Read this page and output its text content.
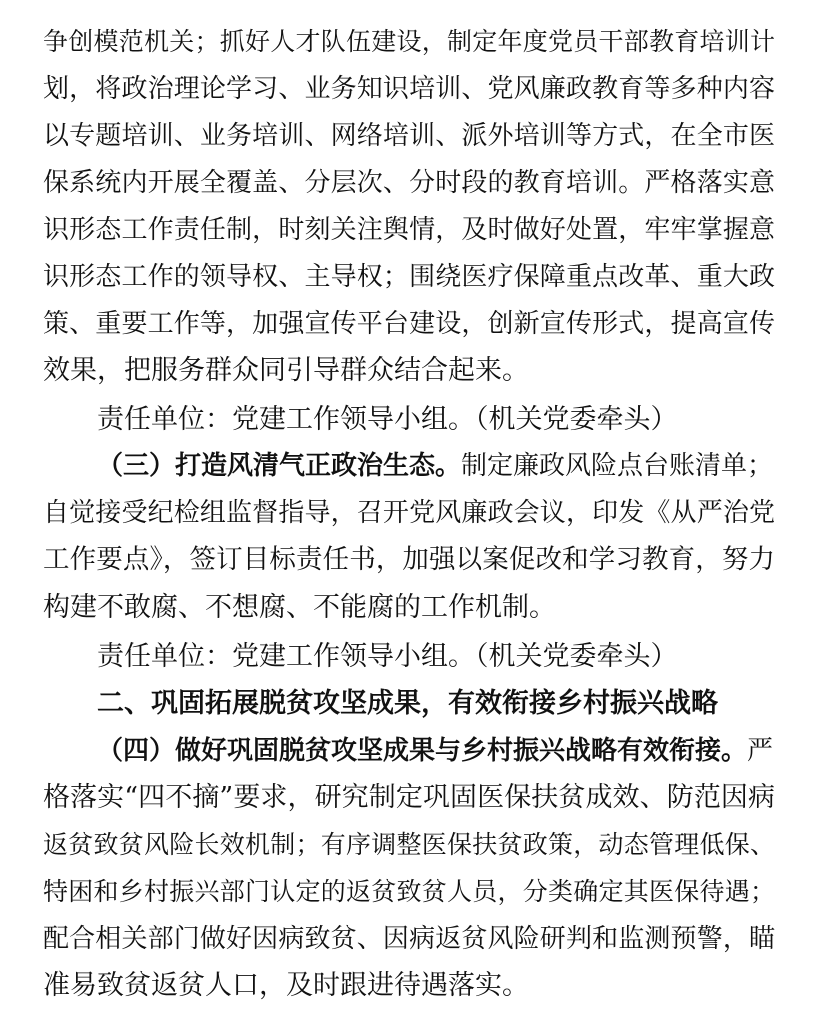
争创模范机关；抓好人才队伍建设，制定年度党员干部教育培训计
划，将政治理论学习、业务知识培训、党风廉政教育等多种内容
以专题培训、业务培训、网络培训、派外培训等方式，在全市医
保系统内开展全覆盖、分层次、分时段的教育培训。严格落实意
识形态工作责任制，时刻关注舆情，及时做好处置，牢牢掌握意
识形态工作的领导权、主导权；围绕医疗保障重点改革、重大政
策、重要工作等，加强宣传平台建设，创新宣传形式，提高宣传
效果，把服务群众同引导群众结合起来。
责任单位：党建工作领导小组。（机关党委牵头）
（三）打造风清气正政治生态。制定廉政风险点台账清单；
自觉接受纪检组监督指导，召开党风廉政会议，印发《从严治党
工作要点》，签订目标责任书，加强以案促改和学习教育，努力
构建不敢腐、不想腐、不能腐的工作机制。
责任单位：党建工作领导小组。（机关党委牵头）
二、巩固拓展脱贫攻坚成果，有效衔接乡村振兴战略
（四）做好巩固脱贫攻坚成果与乡村振兴战略有效衔接。严
格落实“四不摘”要求，研究制定巩固医保扶贫成效、防范因病
返贫致贫风险长效机制；有序调整医保扶贫政策，动态管理低保、
特困和乡村振兴部门认定的返贫致贫人员，分类确定其医保待遇；
配合相关部门做好因病致贫、因病返贫风险研判和监测预警，瞄
准易致贫返贫人口，及时跟进待遇落实。
